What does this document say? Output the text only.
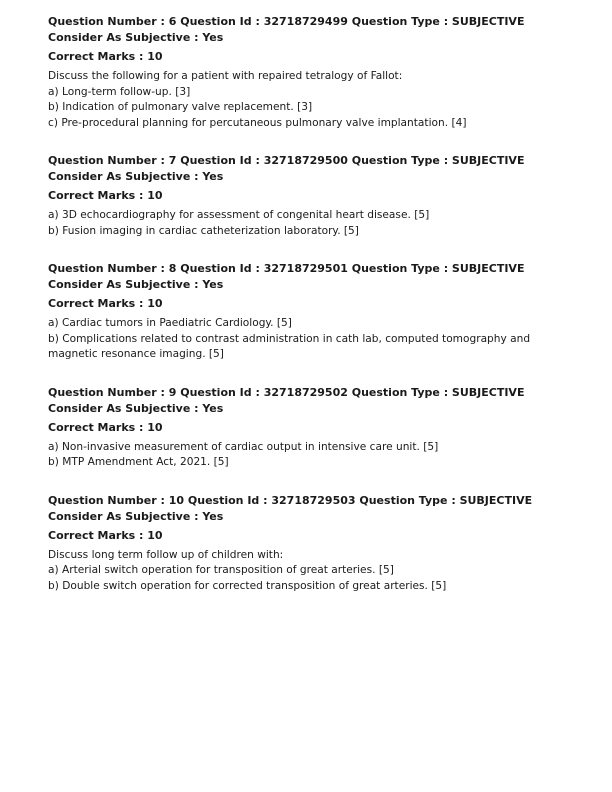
Question Number : 6 Question Id : 32718729499 Question Type : SUBJECTIVE Consider As Subjective : Yes

Correct Marks : 10
Discuss the following for a patient with repaired tetralogy of Fallot:
a) Long-term follow-up. [3]
b) Indication of pulmonary valve replacement. [3]
c) Pre-procedural planning for percutaneous pulmonary valve implantation. [4]

Question Number : 7 Question Id : 32718729500 Question Type : SUBJECTIVE Consider As Subjective : Yes

Correct Marks : 10
a) 3D echocardiography for assessment of congenital heart disease. [5]
b) Fusion imaging in cardiac catheterization laboratory. [5]

Question Number : 8 Question Id : 32718729501 Question Type : SUBJECTIVE Consider As Subjective : Yes

Correct Marks : 10
a) Cardiac tumors in Paediatric Cardiology. [5]
b) Complications related to contrast administration in cath lab, computed tomography and magnetic resonance imaging. [5]

Question Number : 9 Question Id : 32718729502 Question Type : SUBJECTIVE Consider As Subjective : Yes

Correct Marks : 10
a) Non-invasive measurement of cardiac output in intensive care unit. [5]
b) MTP Amendment Act, 2021. [5]

Question Number : 10 Question Id : 32718729503 Question Type : SUBJECTIVE Consider As Subjective : Yes

Correct Marks : 10
Discuss long term follow up of children with:
a) Arterial switch operation for transposition of great arteries. [5]
b) Double switch operation for corrected transposition of great arteries. [5]
